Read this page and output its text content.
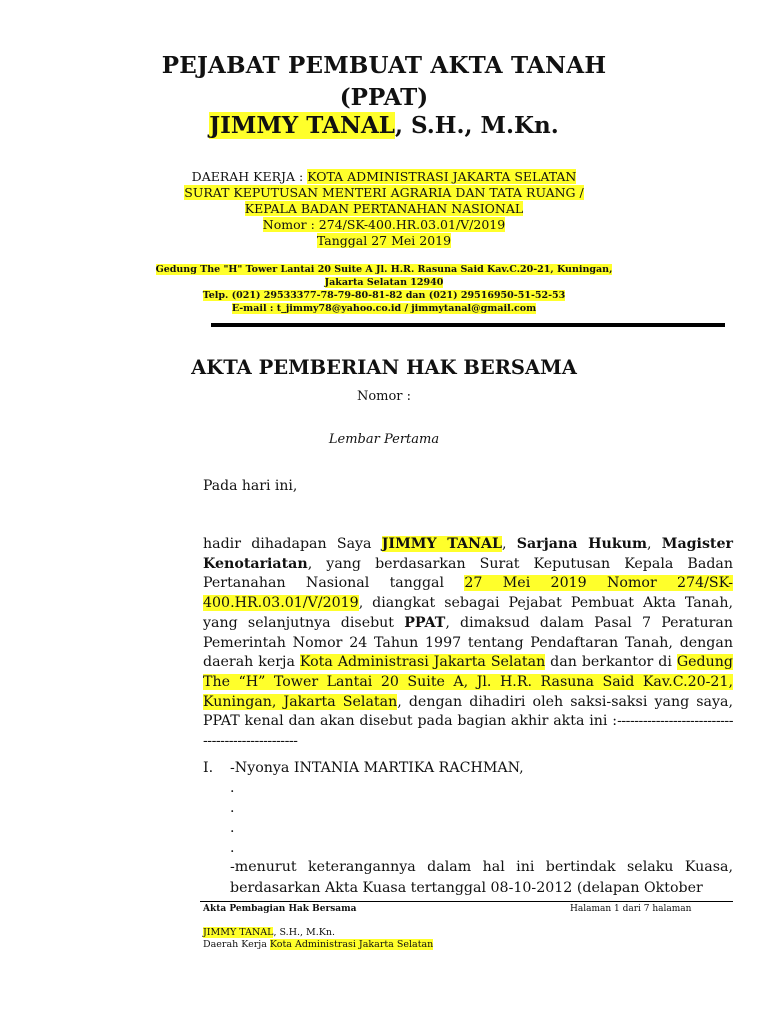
PEJABAT PEMBUAT AKTA TANAH
(PPAT)
JIMMY TANAL, S.H., M.Kn.
DAERAH KERJA : KOTA ADMINISTRASI JAKARTA SELATAN
SURAT KEPUTUSAN MENTERI AGRARIA DAN TATA RUANG /
KEPALA BADAN PERTANAHAN NASIONAL
Nomor : 274/SK-400.HR.03.01/V/2019
Tanggal 27 Mei 2019
Gedung The "H" Tower Lantai 20 Suite A Jl. H.R. Rasuna Said Kav.C.20-21, Kuningan,
Jakarta Selatan 12940
Telp. (021) 29533377-78-79-80-81-82 dan (021) 29516950-51-52-53
E-mail : t_jimmy78@yahoo.co.id / jimmytanal@gmail.com
AKTA PEMBERIAN HAK BERSAMA
Nomor :
Lembar Pertama
Pada hari ini,
hadir dihadapan Saya JIMMY TANAL, Sarjana Hukum, Magister Kenotariatan, yang berdasarkan Surat Keputusan Kepala Badan Pertanahan Nasional tanggal 27 Mei 2019 Nomor 274/SK-400.HR.03.01/V/2019, diangkat sebagai Pejabat Pembuat Akta Tanah, yang selanjutnya disebut PPAT, dimaksud dalam Pasal 7 Peraturan Pemerintah Nomor 24 Tahun 1997 tentang Pendaftaran Tanah, dengan daerah kerja Kota Administrasi Jakarta Selatan dan berkantor di Gedung The “H” Tower Lantai 20 Suite A, Jl. H.R. Rasuna Said Kav.C.20-21, Kuningan, Jakarta Selatan, dengan dihadiri oleh saksi-saksi yang saya, PPAT kenal dan akan disebut pada bagian akhir akta ini :-------------------------------------------------
I. -Nyonya INTANIA MARTIKA RACHMAN,
.
.
.
.
-menurut keterangannya dalam hal ini bertindak selaku Kuasa, berdasarkan Akta Kuasa tertanggal 08-10-2012 (delapan Oktober
Akta Pembagian Hak Bersama	Halaman 1 dari 7 halaman
JIMMY TANAL, S.H., M.Kn.
Daerah Kerja Kota Administrasi Jakarta Selatan
